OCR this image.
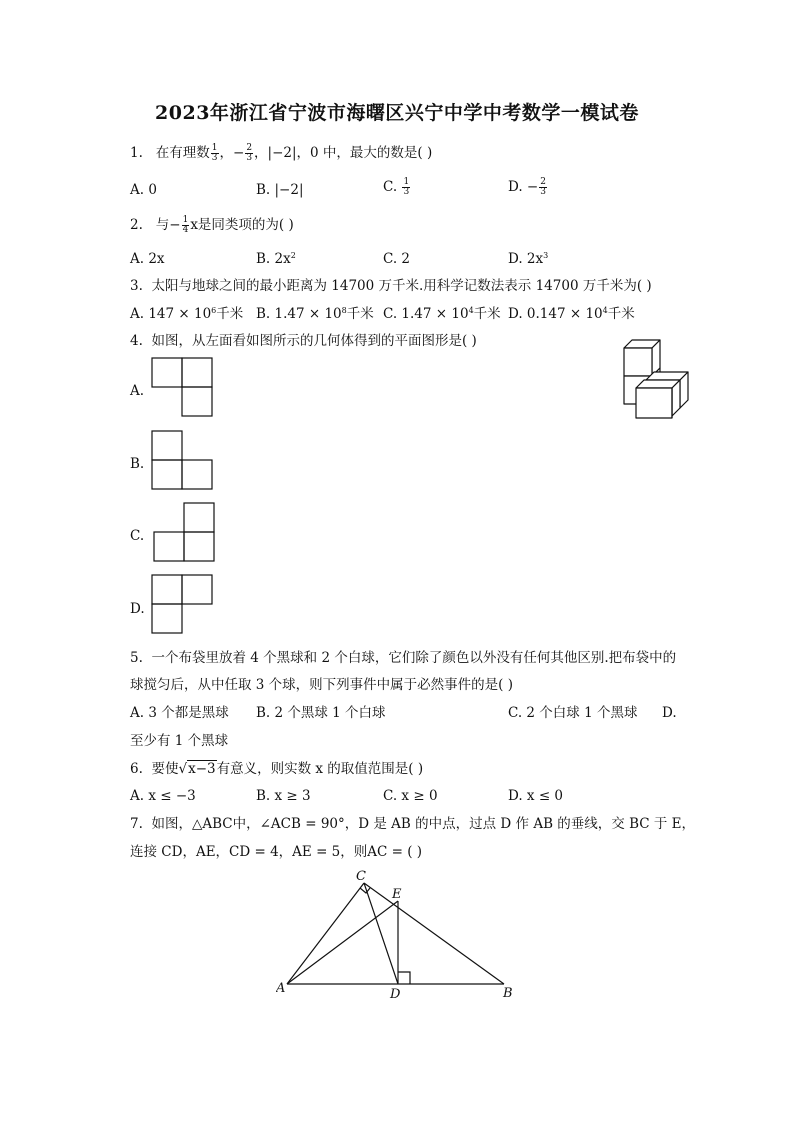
2023年浙江省宁波市海曙区兴宁中学中考数学一模试卷
1. 在有理数 $\frac{1}{3}$ ，− $\frac{2}{3}$ ，|−2|，0 中，最大的数是( )
A. 0	B. |−2|	C. $\frac{1}{3}$	D. − $\frac{2}{3}$
2. 与− $\frac{1}{4}$ x是同类项的为( )
A. 2x	B. $2x^2$	C. 2	D. $2x^3$
3. 太阳与地球之间的最小距离为 14700 万千米.用科学记数法表示 14700 万千米为( )
A. $147 \times 10^6$千米 B. $1.47 \times 10^8$千米 C. $1.47 \times 10^4$千米 D. $0.147 \times 10^4$千米
4. 如图，从左面看如图所示的几何体得到的平面图形是( )
A.
B.
C.
D.
5. 一个布袋里放着 4 个黑球和 2 个白球，它们除了颜色以外没有任何其他区别.把布袋中的
球搅匀后，从中任取 3 个球，则下列事件中属于必然事件的是( )
A. 3 个都是黑球 B. 2 个黑球 1 个白球	C. 2 个白球 1 个黑球 D.
至少有 1 个黑球
6. 要使√x−3有意义，则实数 x 的取值范围是( )
A. x ≤ −3	B. x ≥ 3	C. x ≥ 0	D. x ≤ 0
7. 如图，△ABC中，∠ACB = 90°，D 是 AB 的中点，过点 D 作 AB 的垂线，交 BC 于 E，
连接 CD，AE，CD = 4，AE = 5，则AC = ( )
A	B
C
D
E
